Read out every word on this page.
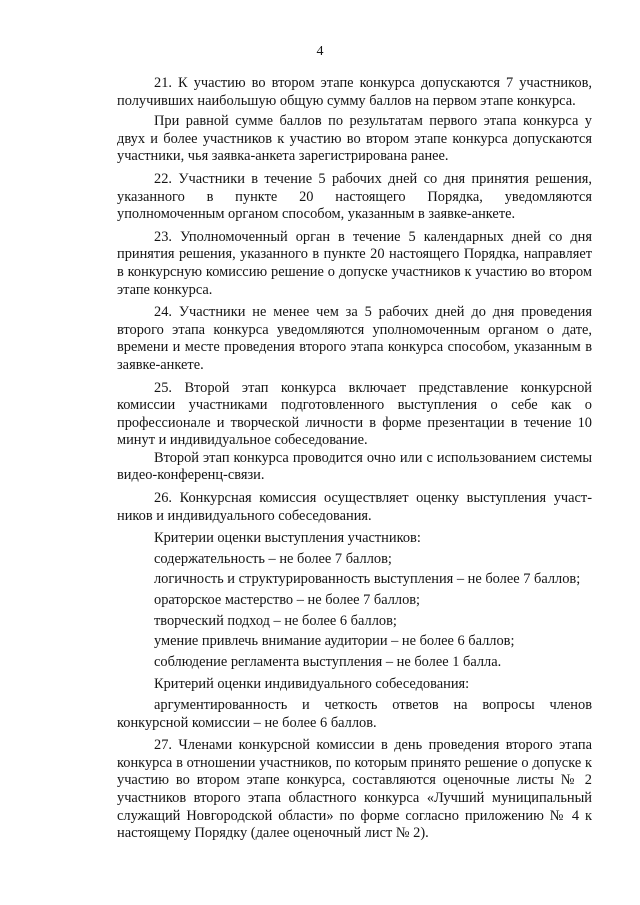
4

21. К участию во втором этапе конкурса допускаются 7 участников, получивших наибольшую общую сумму баллов на первом этапе конкурса.

При равной сумме баллов по результатам первого этапа конкурса у двух и более участников к участию во втором этапе конкурса допускаются участники, чья заявка-анкета зарегистрирована ранее.

22. Участники в течение 5 рабочих дней со дня принятия решения, указанного в пункте 20 настоящего Порядка, уведомляются уполномоченным органом способом, указанным в заявке-анкете.

23. Уполномоченный орган в течение 5 календарных дней со дня принятия решения, указанного в пункте 20 настоящего Порядка, направляет в конкурсную комиссию решение о допуске участников к участию во втором этапе конкурса.

24. Участники не менее чем за 5 рабочих дней до дня проведения второго этапа конкурса уведомляются уполномоченным органом о дате, времени и месте проведения второго этапа конкурса способом, указанным в заявке-анкете.

25. Второй этап конкурса включает представление конкурсной комиссии участниками подготовленного выступления о себе как о профессионале и творческой личности в форме презентации в течение 10 минут и индивидуальное собеседование.

Второй этап конкурса проводится очно или с использованием системы видео-конференц-связи.

26. Конкурсная комиссия осуществляет оценку выступления участ-ников и индивидуального собеседования.

Критерии оценки выступления участников:

содержательность – не более 7 баллов;

логичность и структурированность выступления – не более 7 баллов;

ораторское мастерство – не более 7 баллов;

творческий подход – не более 6 баллов;

умение привлечь внимание аудитории – не более 6 баллов;

соблюдение регламента выступления – не более 1 балла.

Критерий оценки индивидуального собеседования:

аргументированность и четкость ответов на вопросы членов конкурсной комиссии – не более 6 баллов.

27. Членами конкурсной комиссии в день проведения второго этапа конкурса в отношении участников, по которым принято решение о допуске к участию во втором этапе конкурса, составляются оценочные листы № 2 участников второго этапа областного конкурса «Лучший муниципальный служащий Новгородской области» по форме согласно приложению № 4 к настоящему Порядку (далее оценочный лист № 2).
